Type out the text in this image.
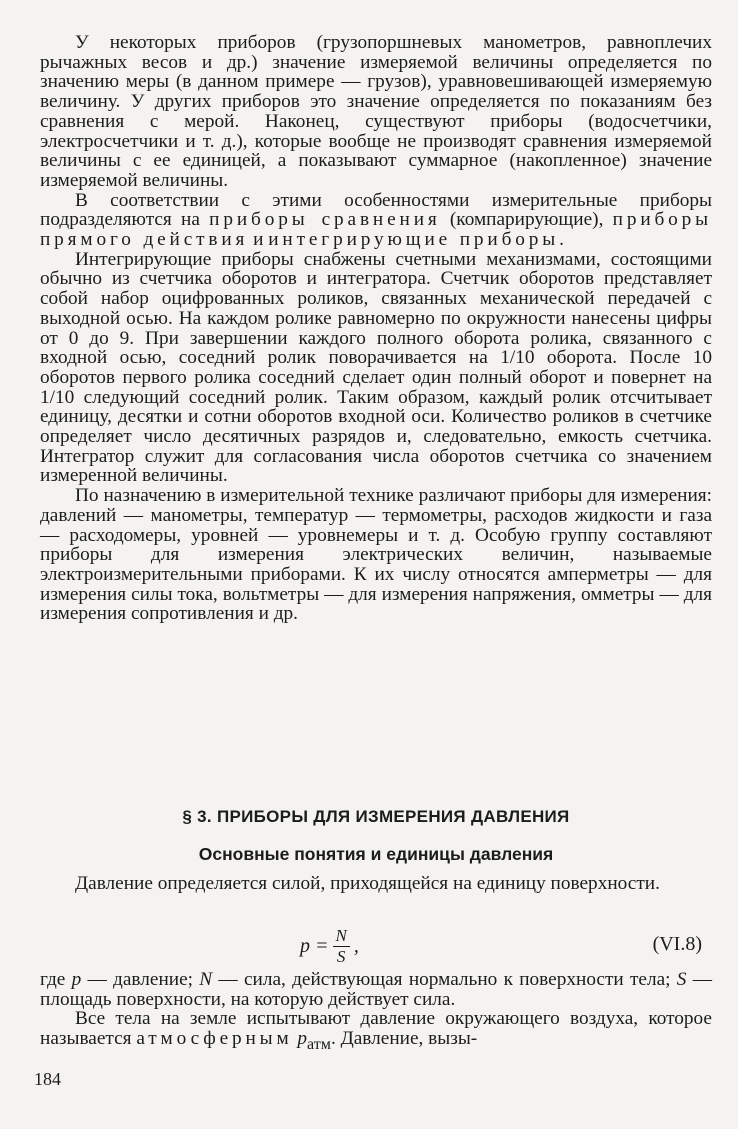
У некоторых приборов (грузопоршневых манометров, равноплечих рычажных весов и др.) значение измеряемой величины определяется по значению меры (в данном примере — грузов), уравновешивающей измеряемую величину. У других приборов это значение определяется по показаниям без сравнения с мерой. Наконец, существуют приборы (водосчетчики, электросчетчики и т. д.), которые вообще не производят сравнения измеряемой величины с ее единицей, а показывают суммарное (накопленное) значение измеряемой величины.

В соответствии с этими особенностями измерительные приборы подразделяются на приборы сравнения (компарирующие), приборы прямого действия и интегрирующие приборы.

Интегрирующие приборы снабжены счетными механизмами, состоящими обычно из счетчика оборотов и интегратора. Счетчик оборотов представляет собой набор оцифрованных роликов, связанных механической передачей с выходной осью. На каждом ролике равномерно по окружности нанесены цифры от 0 до 9. При завершении каждого полного оборота ролика, связанного с входной осью, соседний ролик поворачивается на 1/10 оборота. После 10 оборотов первого ролика соседний сделает один полный оборот и повернет на 1/10 следующий соседний ролик. Таким образом, каждый ролик отсчитывает единицу, десятки и сотни оборотов входной оси. Количество роликов в счетчике определяет число десятичных разрядов и, следовательно, емкость счетчика. Интегратор служит для согласования числа оборотов счетчика со значением измеренной величины.

По назначению в измерительной технике различают приборы для измерения: давлений — манометры, температур — термометры, расходов жидкости и газа — расходомеры, уровней — уровнемеры и т. д. Особую группу составляют приборы для измерения электрических величин, называемые электроизмерительными приборами. К их числу относятся амперметры — для измерения силы тока, вольтметры — для измерения напряжения, омметры — для измерения сопротивления и др.

§ 3. ПРИБОРЫ ДЛЯ ИЗМЕРЕНИЯ ДАВЛЕНИЯ
Основные понятия и единицы давления

Давление определяется силой, приходящейся на единицу поверхности.

$p = \frac{N}{S}$ ,	(VI.8)

где p — давление; N — сила, действующая нормально к поверхности тела; S — площадь поверхности, на которую действует сила.

Все тела на земле испытывают давление окружающего воздуха, которое называется атмосферным $p_{атм}$. Давление, вызы-

184
